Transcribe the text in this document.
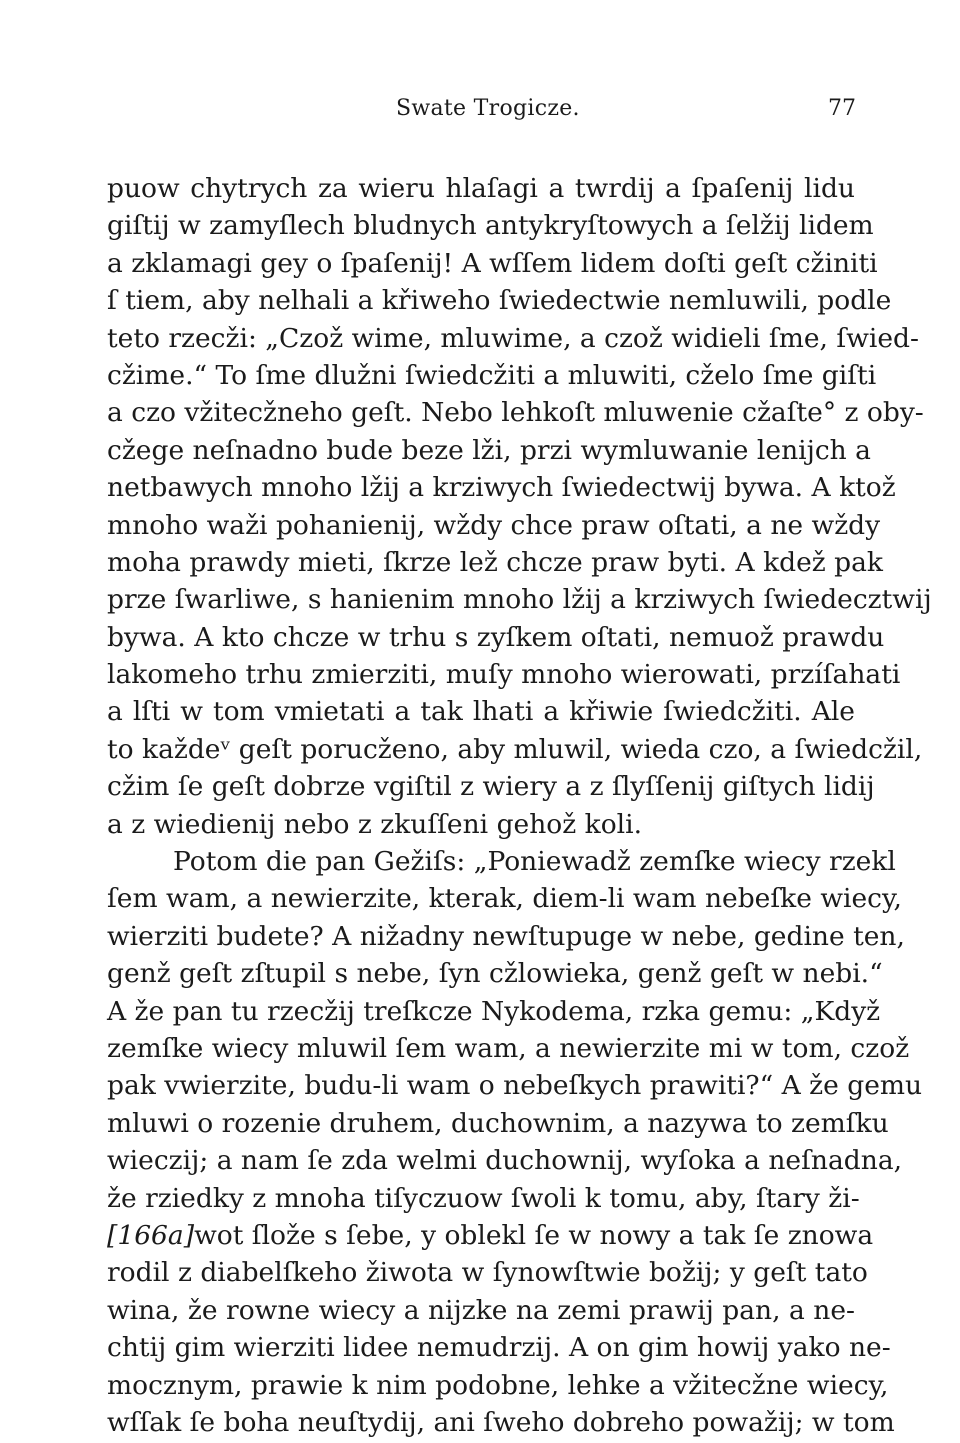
Swate Trogicze.	77
puow chytrych za wieru hlaſagi a twrdij a ſpaſenij lidu
giſtij w zamyſlech bludnych antykryſtowych a ſelžij lidem
a zklamagi gey o ſpaſenij! A wſſem lidem doſti geſt cžiniti
ſ tiem, aby nelhali a křiweho ſwiedectwie nemluwili, podle
teto rzecži: „Czož wime, mluwime, a czož widieli ſme, ſwied-
cžime.“ To ſme dlužni ſwiedcžiti a mluwiti, cželo ſme giſti
a czo vžitecžneho geſt. Nebo lehkoſt mluwenie cžaſte° z oby-
cžege neſnadno bude beze lži, przi wymluwanie lenijch a
netbawych mnoho lžij a krziwych ſwiedectwij bywa. A ktož
mnoho waži pohanienij, wždy chce praw oſtati, a ne wždy
moha prawdy mieti, ſkrze lež chcze praw byti. A kdež pak
prze ſwarliwe, s hanienim mnoho lžij a krziwych ſwiedecztwij
bywa. A kto chcze w trhu s zyſkem oſtati, nemuož prawdu
lakomeho trhu zmierziti, muſy mnoho wierowati, przíſahati
a lſti w tom vmietati a tak lhati a křiwie ſwiedcžiti. Ale
to každeᵛ geſt porucženo, aby mluwil, wieda czo, a ſwiedcžil,
cžim ſe geſt dobrze vgiſtil z wiery a z ſlyſſenij giſtych lidij
a z wiedienij nebo z zkuſſeni gehož koli.
Potom die pan Gežiſs: „Poniewadž zemſke wiecy rzekl
ſem wam, a newierzite, kterak, diem-li wam nebeſke wiecy,
wierziti budete? A nižadny newſtupuge w nebe, gedine ten,
genž geſt zſtupil s nebe, ſyn cžlowieka, genž geſt w nebi.“
A že pan tu rzecžij treſkcze Nykodema, rzka gemu: „Když
zemſke wiecy mluwil ſem wam, a newierzite mi w tom, czož
pak vwierzite, budu-li wam o nebeſkych prawiti?“ A že gemu
mluwi o rozenie druhem, duchownim, a nazywa to zemſku
wieczij; a nam ſe zda welmi duchownij, wyſoka a neſnadna,
že rziedky z mnoha tiſyczuow ſwoli k tomu, aby, ſtary ži-
[166a]wot ſlože s ſebe, y oblekl ſe w nowy a tak ſe znowa
rodil z diabelſkeho žiwota w ſynowſtwie božij; y geſt tato
wina, že rowne wiecy a nijzke na zemi prawij pan, a ne-
chtij gim wierziti lidee nemudrzij. A on gim howij yako ne-
mocznym, prawie k nim podobne, lehke a vžitecžne wiecy,
wſſak ſe boha neuſtydij, ani ſweho dobreho powažij; w tom
